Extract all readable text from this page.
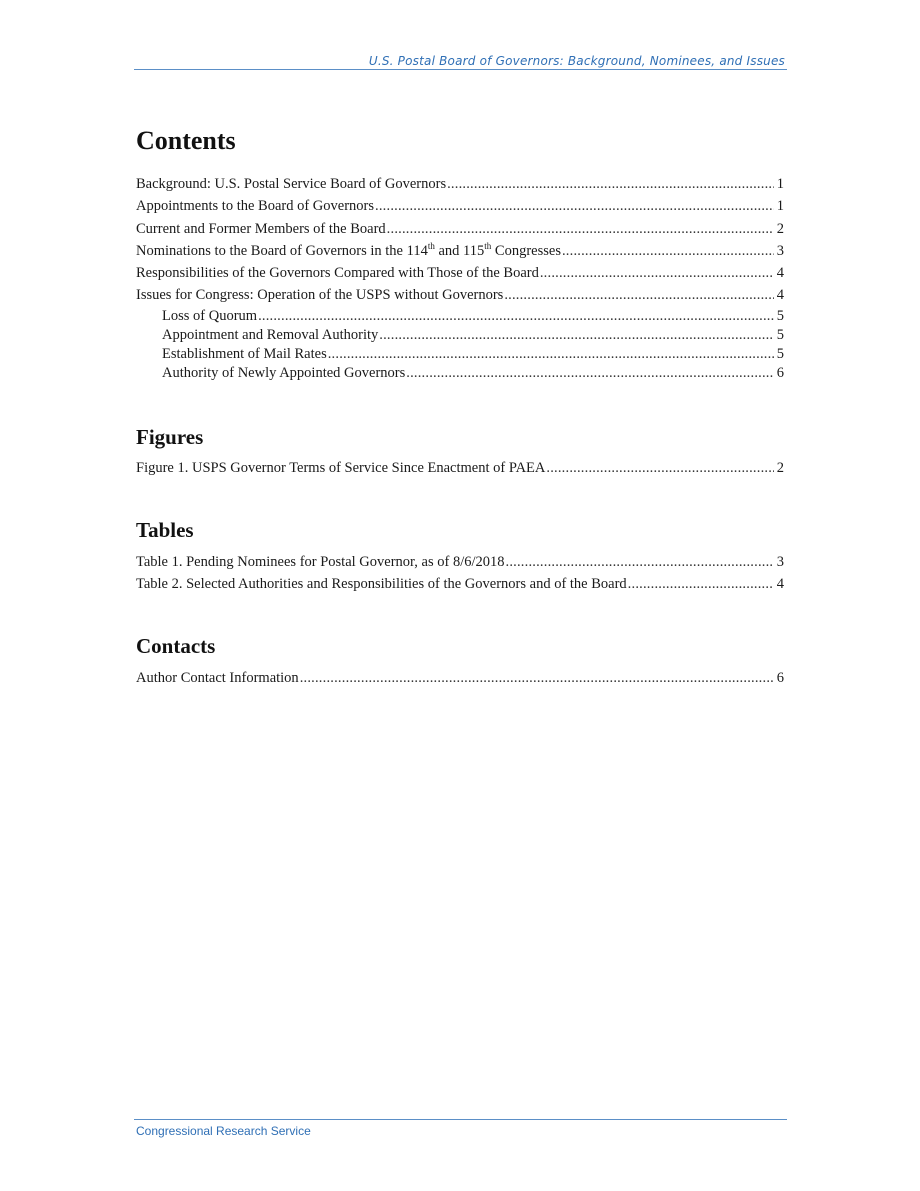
U.S. Postal Board of Governors: Background, Nominees, and Issues
Contents
Background: U.S. Postal Service Board of Governors .....	1
Appointments to the Board of Governors .....	1
Current and Former Members of the Board .....	2
Nominations to the Board of Governors in the 114th and 115th Congresses .....	3
Responsibilities of the Governors Compared with Those of the Board .....	4
Issues for Congress: Operation of the USPS without Governors .....	4
Loss of Quorum .....	5
Appointment and Removal Authority .....	5
Establishment of Mail Rates .....	5
Authority of Newly Appointed Governors .....	6
Figures
Figure 1. USPS Governor Terms of Service Since Enactment of PAEA .....	2
Tables
Table 1. Pending Nominees for Postal Governor, as of 8/6/2018 .....	3
Table 2. Selected Authorities and Responsibilities of the Governors and of the Board .....	4
Contacts
Author Contact Information .....	6
Congressional Research Service
